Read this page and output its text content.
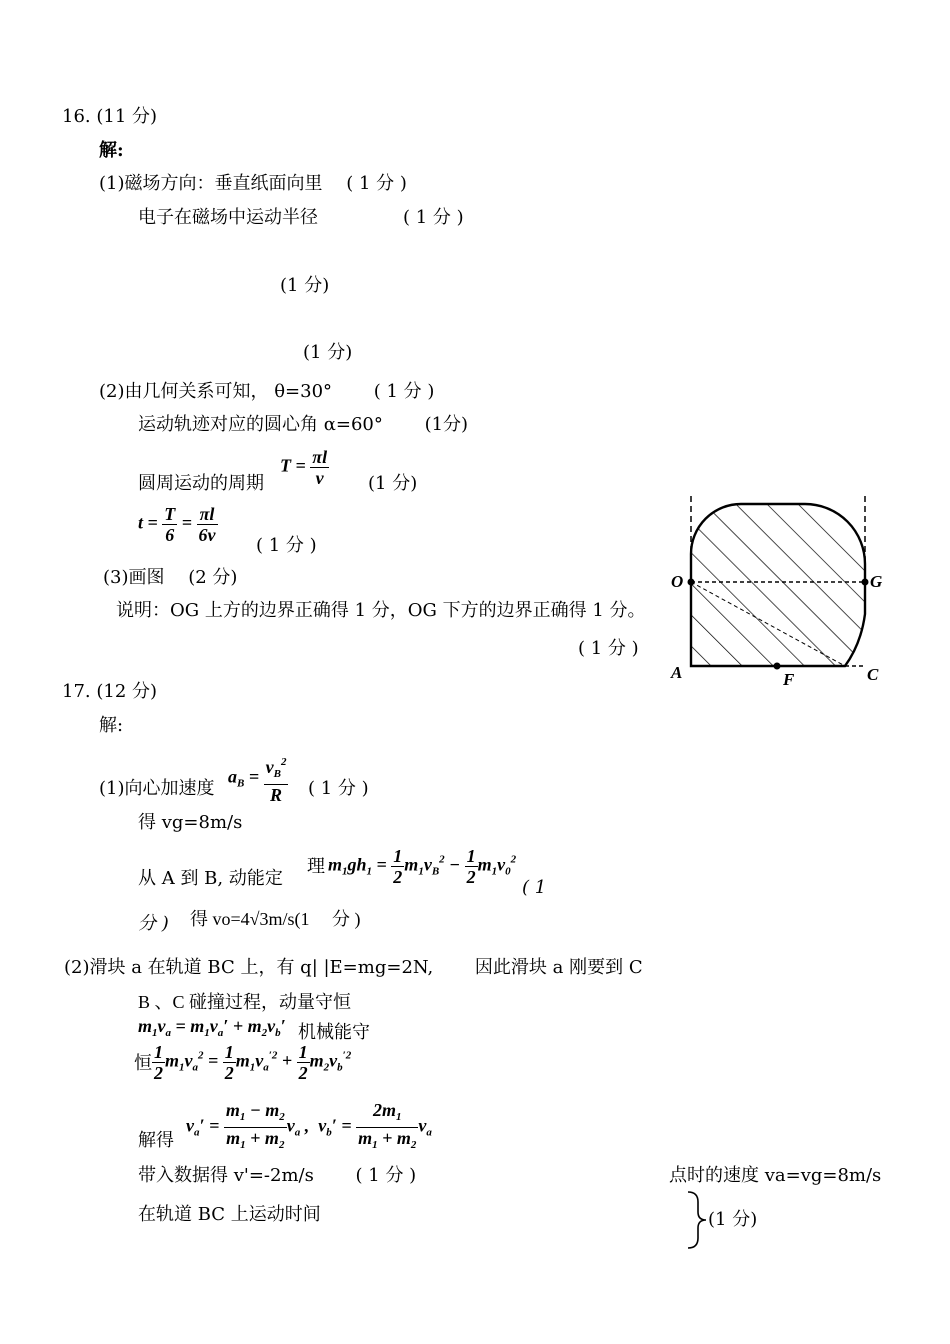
16. (11 分)
解:
(1)磁场方向：垂直纸面向里　 ( 1 分 )
电子在磁场中运动半径	( 1 分 )
(1 分)
(1 分)
(2)由几何关系可知， θ=30°　　 ( 1 分 )
运动轨迹对应的圆心角 α=60°　　 (1分)
圆周运动的周期
$T = \frac{\pi l}{v} (1$ 分)
$t = \frac{T}{6} = \frac{\pi l}{6v}$
( 1 分 )
(3)画图　 (2 分)
说明：OG 上方的边界正确得 1 分，OG 下方的边界正确得 1 分。
( 1 分 )
O	G
A	F	C
17. (12 分)
解:
(1)向心加速度
$a_B = \frac{v_B^2}{R}$ ( 1 分 )
得 vg=8m/s
从 A 到 B, 动能定
理 $m_1gh_1 = \frac{1}{2} m_1v_B^2 - \frac{1}{2} m_1v_0^2$
( 1
分 ) 得 vo=4√3m/s(1　 分 )
(2)滑块 a 在轨道 BC 上，有 q| |E=mg=2N,　　 因此滑块 a 刚要到 C
B 、C 碰撞过程，动量守恒
$m_1v_a = m_1v_a' + m_2v_b'$ 机械能守
恒 $\frac{1}{2} m_1v_a^2 = \frac{1}{2} m_1v_a^{'2} + \frac{1}{2} m_2v_b^{'2}$
解得
$v_a' = \frac{m_1 - m_2}{m_1 + m_2} v_a$ ,  $v_b' = \frac{2m_1}{m_1 + m_2} v_a$
带入数据得 v'=-2m/s　　 ( 1 分 )	点时的速度 va=vg=8m/s
在轨道 BC 上运动时间	(1 分)
